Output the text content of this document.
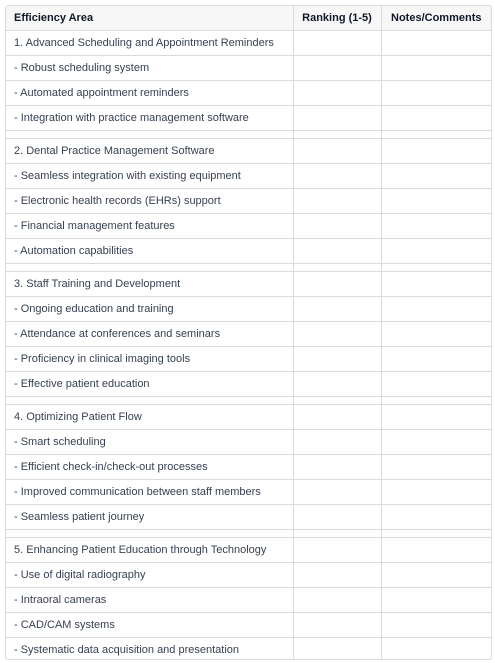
Efficiency Area	Ranking (1-5)	Notes/Comments
1. Advanced Scheduling and Appointment Reminders		
- Robust scheduling system		
- Automated appointment reminders		
- Integration with practice management software		

2. Dental Practice Management Software		
- Seamless integration with existing equipment		
- Electronic health records (EHRs) support		
- Financial management features		
- Automation capabilities		

3. Staff Training and Development		
- Ongoing education and training		
- Attendance at conferences and seminars		
- Proficiency in clinical imaging tools		
- Effective patient education		

4. Optimizing Patient Flow		
- Smart scheduling		
- Efficient check-in/check-out processes		
- Improved communication between staff members		
- Seamless patient journey		

5. Enhancing Patient Education through Technology		
- Use of digital radiography		
- Intraoral cameras		
- CAD/CAM systems		
- Systematic data acquisition and presentation		
